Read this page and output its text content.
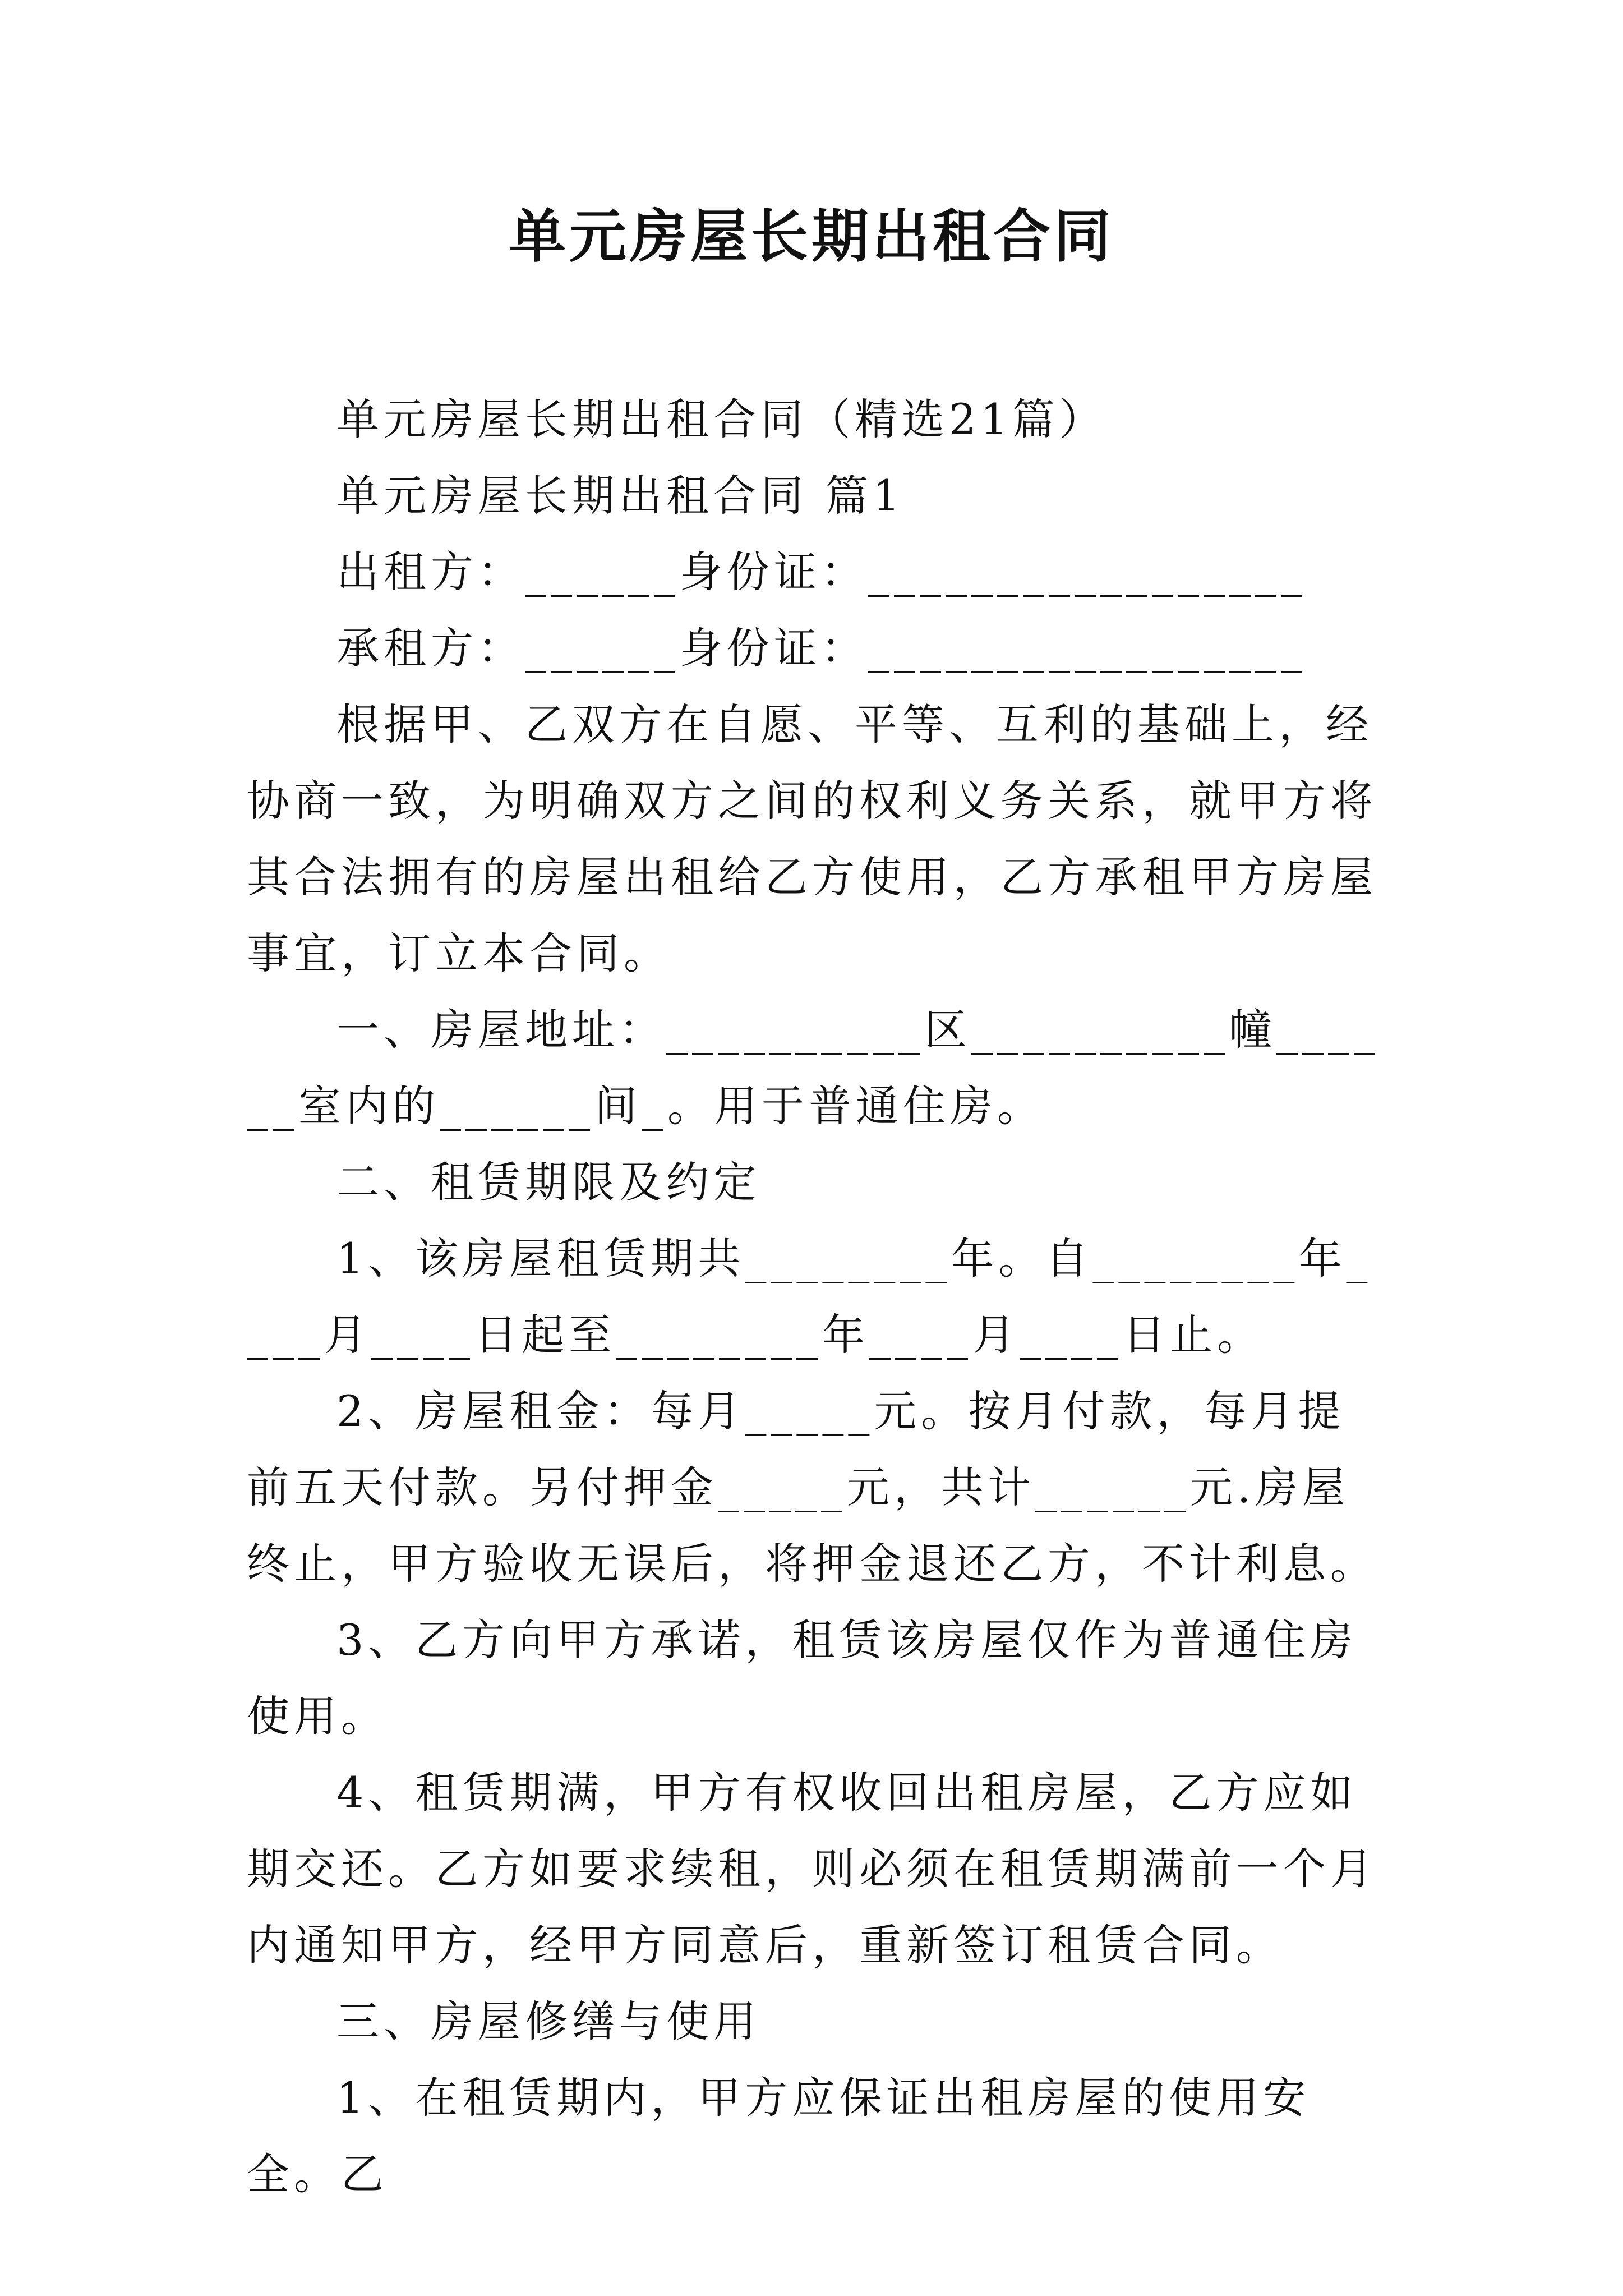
单元房屋长期出租合同

单元房屋长期出租合同（精选21篇）

单元房屋长期出租合同 篇1

出租方：______身份证：_________________

承租方：______身份证：_________________

根据甲、乙双方在自愿、平等、互利的基础上，经协商一致，为明确双方之间的权利义务关系，就甲方将其合法拥有的房屋出租给乙方使用，乙方承租甲方房屋事宜，订立本合同。

一、房屋地址：__________区__________幢______室内的______间_。用于普通住房。

二、租赁期限及约定

1、该房屋租赁期共________年。自________年____月____日起至________年____月____日止。

2、房屋租金：每月_____元。按月付款，每月提前五天付款。另付押金_____元，共计______元.房屋终止，甲方验收无误后，将押金退还乙方，不计利息。

3、乙方向甲方承诺，租赁该房屋仅作为普通住房使用。

4、租赁期满，甲方有权收回出租房屋，乙方应如期交还。乙方如要求续租，则必须在租赁期满前一个月内通知甲方，经甲方同意后，重新签订租赁合同。

三、房屋修缮与使用

1、在租赁期内，甲方应保证出租房屋的使用安全。乙
